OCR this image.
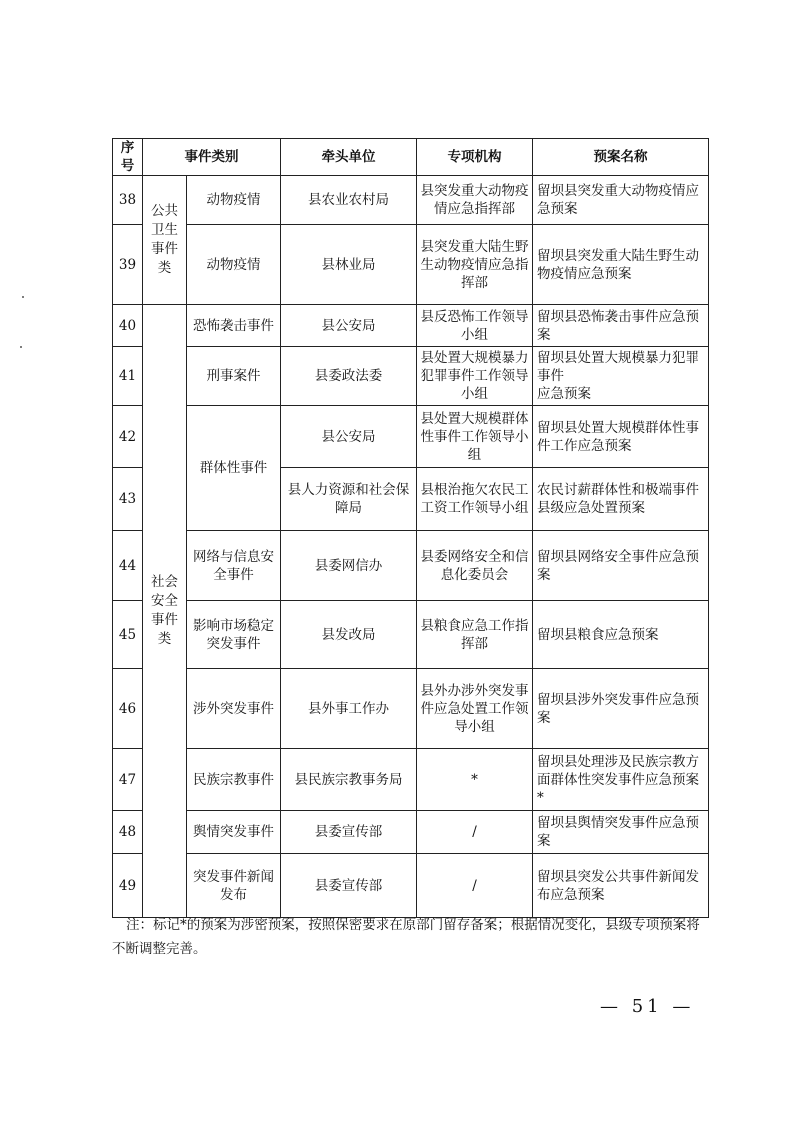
序号	事件类别		牵头单位	专项机构	预案名称
38	公共卫生事件类	动物疫情	县农业农村局	县突发重大动物疫情应急指挥部	留坝县突发重大动物疫情应急预案
39		动物疫情	县林业局	县突发重大陆生野生动物疫情应急指挥部	留坝县突发重大陆生野生动物疫情应急预案
40	社会安全事件类	恐怖袭击事件	县公安局	县反恐怖工作领导小组	留坝县恐怖袭击事件应急预案
41		刑事案件	县委政法委	县处置大规模暴力犯罪事件工作领导小组	留坝县处置大规模暴力犯罪事件
应急预案
42		群体性事件	县公安局	县处置大规模群体性事件工作领导小组	留坝县处置大规模群体性事件工作应急预案
43			县人力资源和社会保障局	县根治拖欠农民工工资工作领导小组	农民讨薪群体性和极端事件县级应急处置预案
44		网络与信息安全事件	县委网信办	县委网络安全和信息化委员会	留坝县网络安全事件应急预案
45		影响市场稳定突发事件	县发改局	县粮食应急工作指挥部	留坝县粮食应急预案
46		涉外突发事件	县外事工作办	县外办涉外突发事件应急处置工作领导小组	留坝县涉外突发事件应急预案
47		民族宗教事件	县民族宗教事务局	*	留坝县处理涉及民族宗教方面群体性突发事件应急预案*
48		舆情突发事件	县委宣传部	/	留坝县舆情突发事件应急预案
49		突发事件新闻发布	县委宣传部	/	留坝县突发公共事件新闻发布应急预案
注：标记*的预案为涉密预案，按照保密要求在原部门留存备案；根据情况变化，县级专项预案将不断调整完善。
— 51 —
